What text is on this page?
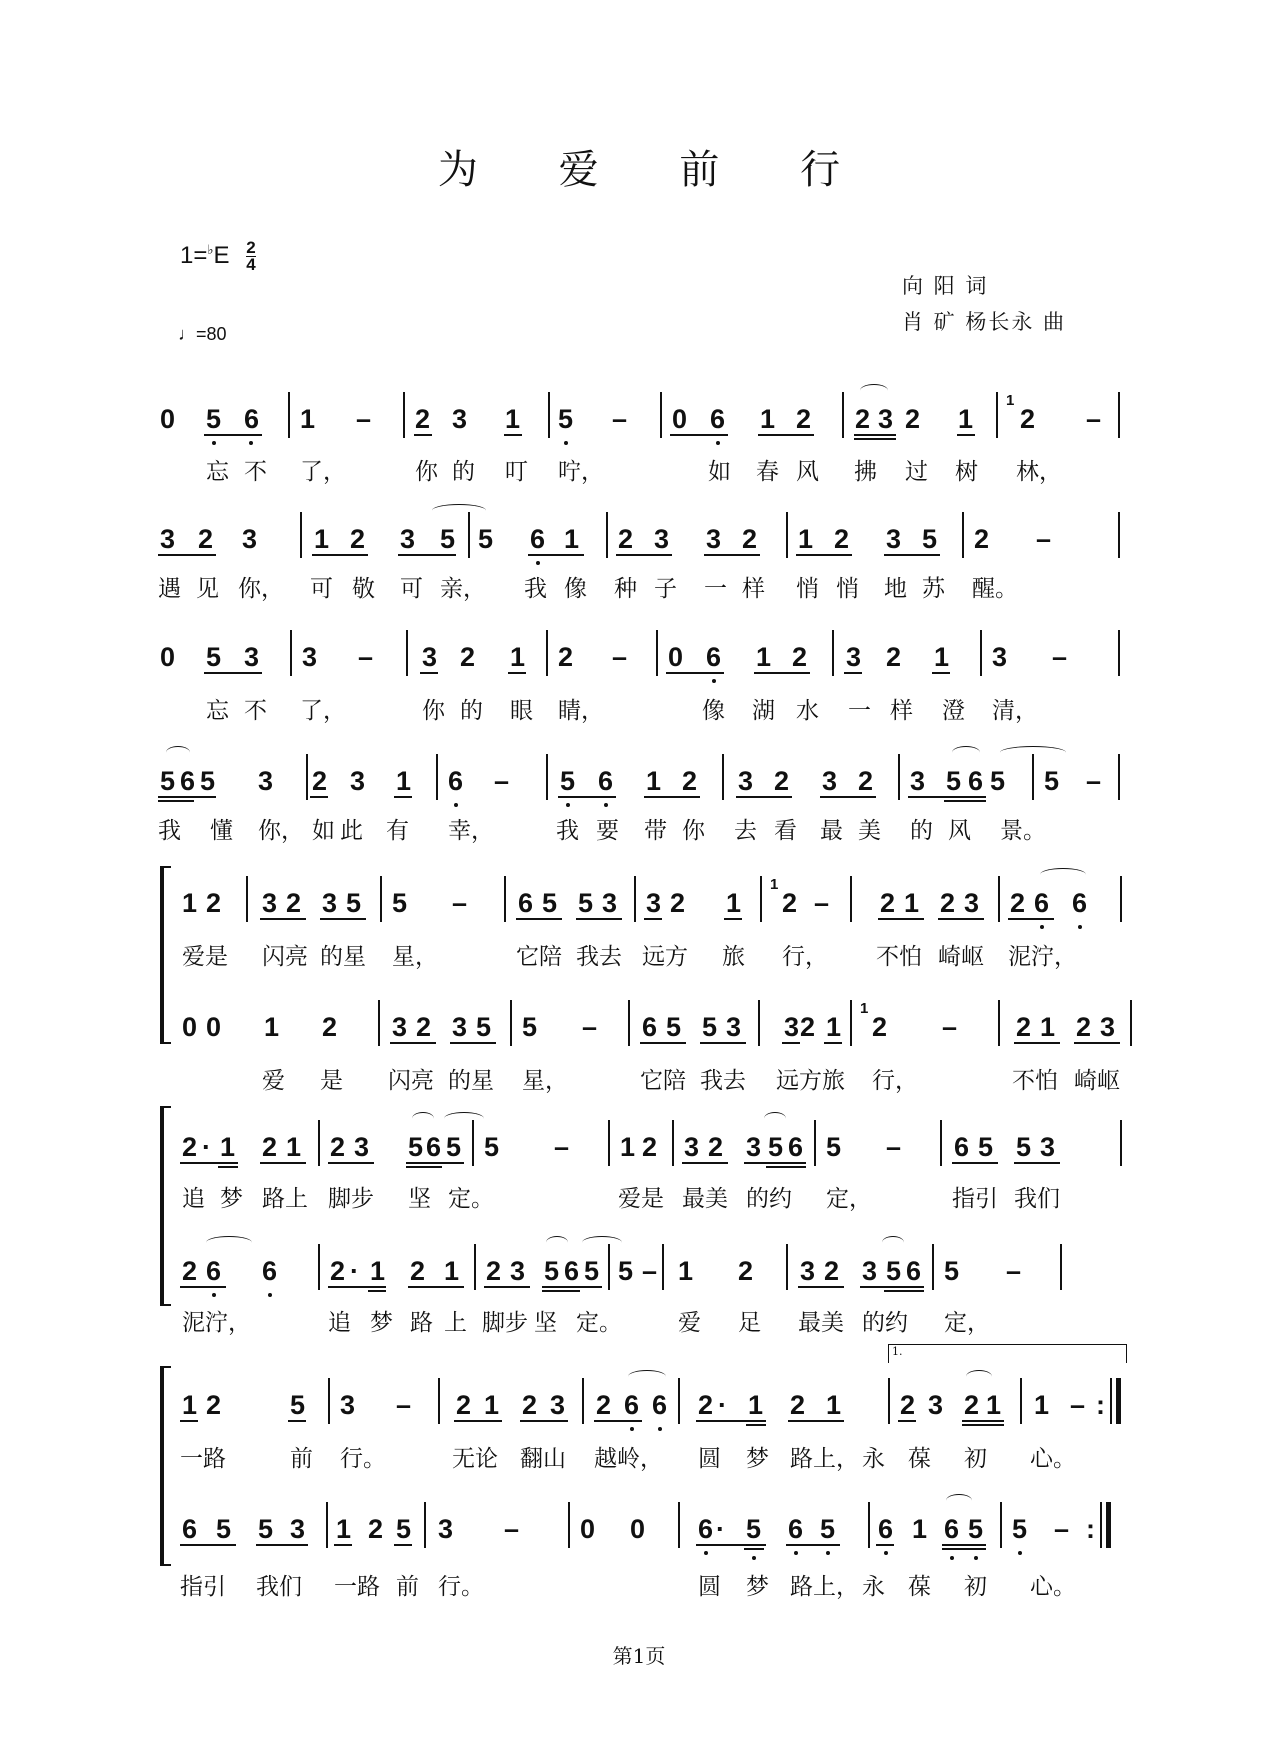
为 爱 前 行
$1=^♭E \frac{2}{4}$
♩=80
向 阳 词
肖 矿 杨长永 曲
0 5 6 1 – 2 3 1 5 – 0 6 1 2 2 3 2 1
1
2 –
忘 不 了，	你 的 叮 咛，	如 春 风 拂 过 树 林，
3 2 3 1 2 3 5 5 6 1 2 3 3 2 1 2 3 5 2 –
遇 见 你， 可 敬 可 亲， 我 像 种 子 一 样 悄 悄 地 苏 醒。
0 5 3 3 – 3 2 1 2 – 0 6 1 2 3 2 1 3 –
忘 不 了，	你 的 眼 睛，	像 湖 水 一 样 澄 清，
5 6 5 3 2 3 1 6 – 5 6 1 2 3 2 3 2 3 5 6 5 5 –
我 懂 你， 如 此 有 幸，	我 要 带 你 去 看 最 美 的 风 景。
1 2 3 2 3 5 5 – 6 5 5 3 3 2 1
1
2 – 2 1 2 3 2 6 6
爱是 闪亮 的星 星，	它陪 我去 远方 旅 行， 不怕 崎岖 泥泞，
0 0 1 2 3 2 3 5 5 – 6 5 5 3 3 2 1
1
2 – 2 1 2 3
爱 是 闪亮 的星 星，	它陪 我去 远方旅 行，	不怕 崎岖
2 · 1 2 1 2 3 5 6 5 5 – 1 2 3 2 3 5 6 5 – 6 5 5 3
追 梦 路上 脚步 坚 定。	爱是 最美 的约 定，	指引 我们
2 6 6 2 · 1 2 1 2 3 5 6 5 5 – 1 2 3 2 3 5 6 5 –
泥泞，	追 梦 路 上 脚步 坚 定。 爱 足 最美 的约 定，
1.
1 2	5 3 – 2 1 2 3 2 6 6 2 · 1 2 1 2 3 2 1 1 – :
一路	前 行。	无论 翻山 越岭， 圆 梦 路上， 永 葆 初 心。
6 5 5 3 1 2 5 3 – 0 0 6 · 5 6 5 6 1 6 5 5 – :
指引 我们 一路 前 行。	圆 梦 路上， 永 葆 初 心。
第1页
